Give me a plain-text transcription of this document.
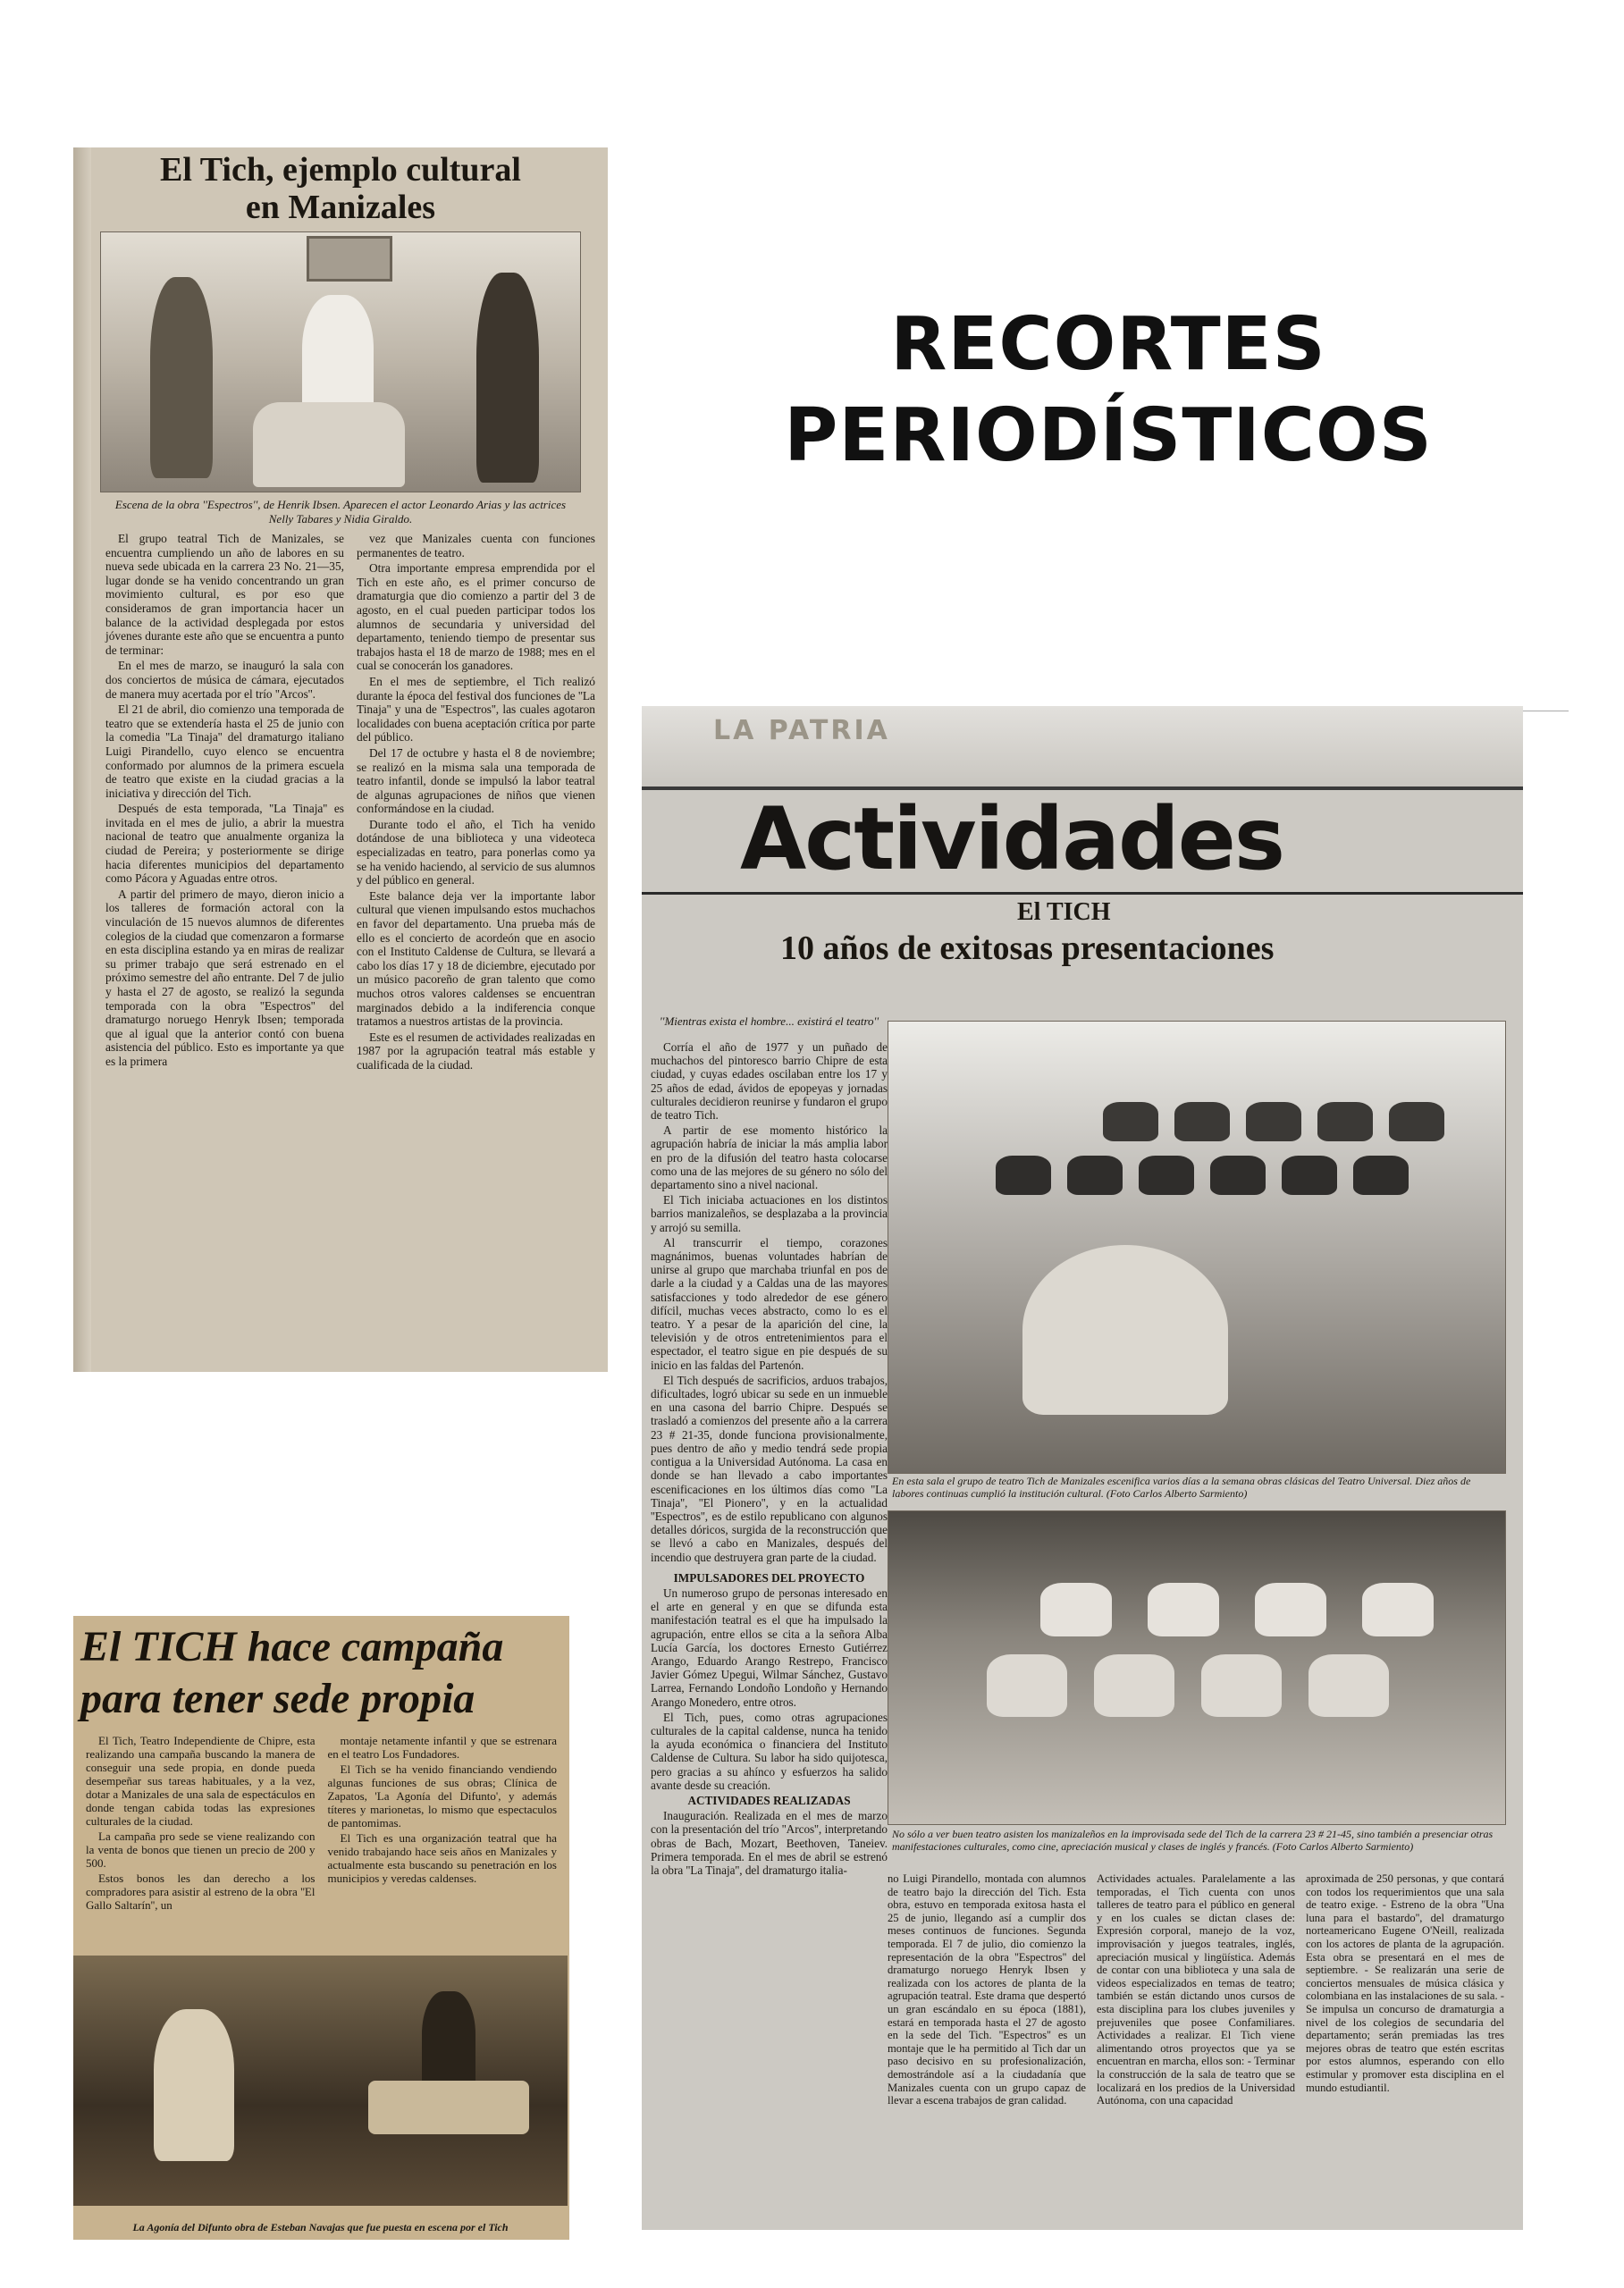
RECORTES PERIODÍSTICOS
El Tich, ejemplo cultural en Manizales
Escena de la obra ''Espectros'', de Henrik Ibsen. Aparecen el actor Leonardo Arias y las actrices Nelly Tabares y Nidia Giraldo.

El grupo teatral Tich de Manizales, se encuentra cumpliendo un año de labores en su nueva sede ubicada en la carrera 23 No. 21—35, lugar donde se ha venido concentrando un gran movimiento cultural, es por eso que consideramos de gran importancia hacer un balance de la actividad desplegada por estos jóvenes durante este año que se encuentra a punto de terminar:

En el mes de marzo, se inauguró la sala con dos conciertos de música de cámara, ejecutados de manera muy acertada por el trío ''Arcos''.

El 21 de abril, dio comienzo una temporada de teatro que se extendería hasta el 25 de junio con la comedia ''La Tinaja'' del dramaturgo italiano Luigi Pirandello, cuyo elenco se encuentra conformado por alumnos de la primera escuela de teatro que existe en la ciudad gracias a la iniciativa y dirección del Tich.

Después de esta temporada, ''La Tinaja'' es invitada en el mes de julio, a abrir la muestra nacional de teatro que anualmente organiza la ciudad de Pereira; y posteriormente se dirige hacia diferentes municipios del departamento como Pácora y Aguadas entre otros.

A partir del primero de mayo, dieron inicio a los talleres de formación actoral con la vinculación de 15 nuevos alumnos de diferentes colegios de la ciudad que comenzaron a formarse en esta disciplina estando ya en miras de realizar su primer trabajo que será estrenado en el próximo semestre del año entrante. Del 7 de julio y hasta el 27 de agosto, se realizó la segunda temporada con la obra ''Espectros'' del dramaturgo noruego Henryk Ibsen; temporada que al igual que la anterior contó con buena asistencia del público. Esto es importante ya que es la primera

vez que Manizales cuenta con funciones permanentes de teatro.

Otra importante empresa emprendida por el Tich en este año, es el primer concurso de dramaturgia que dio comienzo a partir del 3 de agosto, en el cual pueden participar todos los alumnos de secundaria y universidad del departamento, teniendo tiempo de presentar sus trabajos hasta el 18 de marzo de 1988; mes en el cual se conocerán los ganadores.

En el mes de septiembre, el Tich realizó durante la época del festival dos funciones de ''La Tinaja'' y una de ''Espectros'', las cuales agotaron localidades con buena aceptación crítica por parte del público.

Del 17 de octubre y hasta el 8 de noviembre; se realizó en la misma sala una temporada de teatro infantil, donde se impulsó la labor teatral de algunas agrupaciones de niños que vienen conformándose en la ciudad.

Durante todo el año, el Tich ha venido dotándose de una biblioteca y una videoteca especializadas en teatro, para ponerlas como ya se ha venido haciendo, al servicio de sus alumnos y del público en general.

Este balance deja ver la importante labor cultural que vienen impulsando estos muchachos en favor del departamento. Una prueba más de ello es el concierto de acordeón que en asocio con el Instituto Caldense de Cultura, se llevará a cabo los días 17 y 18 de diciembre, ejecutado por un músico pacoreño de gran talento que como muchos otros valores caldenses se encuentran marginados debido a la indiferencia conque tratamos a nuestros artistas de la provincia.

Este es el resumen de actividades realizadas en 1987 por la agrupación teatral más estable y cualificada de la ciudad.

El TICH hace campaña para tener sede propia

El Tich, Teatro Independiente de Chipre, esta realizando una campaña buscando la manera de conseguir una sede propia, en donde pueda desempeñar sus tareas habituales, y a la vez, dotar a Manizales de una sala de espectáculos en donde tengan cabida todas las expresiones culturales de la ciudad.

La campaña pro sede se viene realizando con la venta de bonos que tienen un precio de 200 y 500.

Estos bonos les dan derecho a los compradores para asistir al estreno de la obra ''El Gallo Saltarín'', un

montaje netamente infantil y que se estrenara en el teatro Los Fundadores.

El Tich se ha venido financiando vendiendo algunas funciones de sus obras; Clínica de Zapatos, 'La Agonía del Difunto', y además títeres y marionetas, lo mismo que espectaculos de pantomimas.

El Tich es una organización teatral que ha venido trabajando hace seis años en Manizales y actualmente esta buscando su penetración en los municipios y veredas caldenses.

La Agonía del Difunto obra de Esteban Navajas que fue puesta en escena por el Tich
LA PATRIA
Actividades
El TICH
10 años de exitosas presentaciones
''Mientras exista el hombre... existirá el teatro''

Corría el año de 1977 y un puñado de muchachos del pintoresco barrio Chipre de esta ciudad, y cuyas edades oscilaban entre los 17 y 25 años de edad, ávidos de epopeyas y jornadas culturales decidieron reunirse y fundaron el grupo de teatro Tich.

A partir de ese momento histórico la agrupación habría de iniciar la más amplia labor en pro de la difusión del teatro hasta colocarse como una de las mejores de su género no sólo del departamento sino a nivel nacional.

El Tich iniciaba actuaciones en los distintos barrios manizaleños, se desplazaba a la provincia y arrojó su semilla.

Al transcurrir el tiempo, corazones magnánimos, buenas voluntades habrían de unirse al grupo que marchaba triunfal en pos de darle a la ciudad y a Caldas una de las mayores satisfacciones y todo alrededor de ese género difícil, muchas veces abstracto, como lo es el teatro. Y a pesar de la aparición del cine, la televisión y de otros entretenimientos para el espectador, el teatro sigue en pie después de su inicio en las faldas del Partenón.

El Tich después de sacrificios, arduos trabajos, dificultades, logró ubicar su sede en un inmueble en una casona del barrio Chipre. Después se trasladó a comienzos del presente año a la carrera 23 # 21-35, donde funciona provisionalmente, pues dentro de año y medio tendrá sede propia contigua a la Universidad Autónoma. La casa en donde se han llevado a cabo importantes escenificaciones en los últimos días como ''La Tinaja'', ''El Pionero'', y en la actualidad ''Espectros'', es de estilo republicano con algunos detalles dóricos, surgida de la reconstrucción que se llevó a cabo en Manizales, después del incendio que destruyera gran parte de la ciudad.

IMPULSADORES DEL PROYECTO

Un numeroso grupo de personas interesado en el arte en general y en que se difunda esta manifestación teatral es el que ha impulsado la agrupación, entre ellos se cita a la señora Alba Lucía García, los doctores Ernesto Gutiérrez Arango, Eduardo Arango Restrepo, Francisco Javier Gómez Upegui, Wilmar Sánchez, Gustavo Larrea, Fernando Londoño Londoño y Hernando Arango Monedero, entre otros.

El Tich, pues, como otras agrupaciones culturales de la capital caldense, nunca ha tenido la ayuda económica o financiera del Instituto Caldense de Cultura. Su labor ha sido quijotesca, pero gracias a su ahínco y esfuerzos ha salido avante desde su creación.

ACTIVIDADES REALIZADAS

Inauguración. Realizada en el mes de marzo con la presentación del trío ''Arcos'', interpretando obras de Bach, Mozart, Beethoven, Taneiev. Primera temporada. En el mes de abril se estrenó la obra ''La Tinaja'', del dramaturgo italia-

En esta sala el grupo de teatro Tich de Manizales escenifica varios días a la semana obras clásicas del Teatro Universal. Diez años de labores continuas cumplió la institución cultural. (Foto Carlos Alberto Sarmiento)
No sólo a ver buen teatro asisten los manizaleños en la improvisada sede del Tich de la carrera 23 # 21-45, sino también a presenciar otras manifestaciones culturales, como cine, apreciación musical y clases de inglés y francés. (Foto Carlos Alberto Sarmiento)
no Luigi Pirandello, montada con alumnos de teatro bajo la dirección del Tich. Esta obra, estuvo en temporada exitosa hasta el 25 de junio, llegando así a cumplir dos meses continuos de funciones. Segunda temporada. El 7 de julio, dio comienzo la representación de la obra ''Espectros'' del dramaturgo noruego Henryk Ibsen y realizada con los actores de planta de la agrupación teatral. Este drama que despertó un gran escándalo en su época (1881), estará en temporada hasta el 27 de agosto en la sede del Tich. ''Espectros'' es un montaje que le ha permitido al Tich dar un paso decisivo en su profesionalización, demostrándole así a la ciudadanía que Manizales cuenta con un grupo capaz de llevar a escena trabajos de gran calidad.
Actividades actuales. Paralelamente a las temporadas, el Tich cuenta con unos talleres de teatro para el público en general y en los cuales se dictan clases de: Expresión corporal, manejo de la voz, improvisación y juegos teatrales, inglés, apreciación musical y lingüística. Además de contar con una biblioteca y una sala de videos especializados en temas de teatro; también se están dictando unos cursos de esta disciplina para los clubes juveniles y prejuveniles que posee Confamiliares. Actividades a realizar. El Tich viene alimentando otros proyectos que ya se encuentran en marcha, ellos son: - Terminar la construcción de la sala de teatro que se localizará en los predios de la Universidad Autónoma, con una capacidad
aproximada de 250 personas, y que contará con todos los requerimientos que una sala de teatro exige. - Estreno de la obra ''Una luna para el bastardo'', del dramaturgo norteamericano Eugene O'Neill, realizada con los actores de planta de la agrupación. Esta obra se presentará en el mes de septiembre. - Se realizarán una serie de conciertos mensuales de música clásica y colombiana en las instalaciones de su sala. - Se impulsa un concurso de dramaturgia a nivel de los colegios de secundaria del departamento; serán premiadas las tres mejores obras de teatro que estén escritas por estos alumnos, esperando con ello estimular y promover esta disciplina en el mundo estudiantil.
